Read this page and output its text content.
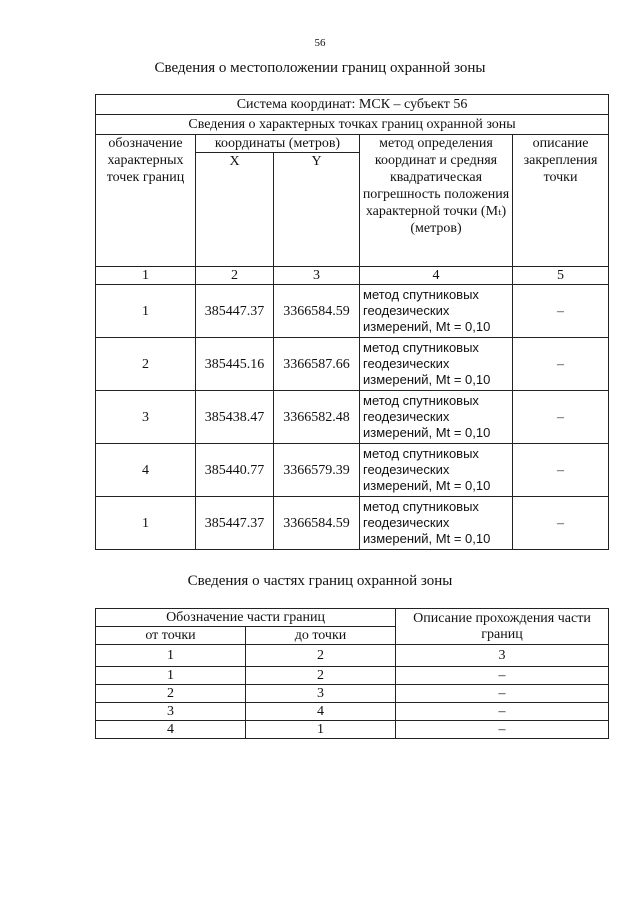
56
Сведения о местоположении границ охранной зоны
Система координат: МСК – субъект 56				
Сведения о характерных точках границ охранной зоны				
обозначение характерных точек границ	координаты (метров)		метод определения координат и средняя квадратическая погрешность положения характерной точки (Mₜ) (метров)	описание закрепления точки
	X	Y		
1	2	3	4	5
1	385447.37	3366584.59	метод спутниковых геодезических измерений, Mt = 0,10	–
2	385445.16	3366587.66	метод спутниковых геодезических измерений, Mt = 0,10	–
3	385438.47	3366582.48	метод спутниковых геодезических измерений, Mt = 0,10	–
4	385440.77	3366579.39	метод спутниковых геодезических измерений, Mt = 0,10	–
1	385447.37	3366584.59	метод спутниковых геодезических измерений, Mt = 0,10	–
Сведения о частях границ охранной зоны
Обозначение части границ		Описание прохождения части границ
от точки	до точки	
1	2	3
1	2	–
2	3	–
3	4	–
4	1	–
